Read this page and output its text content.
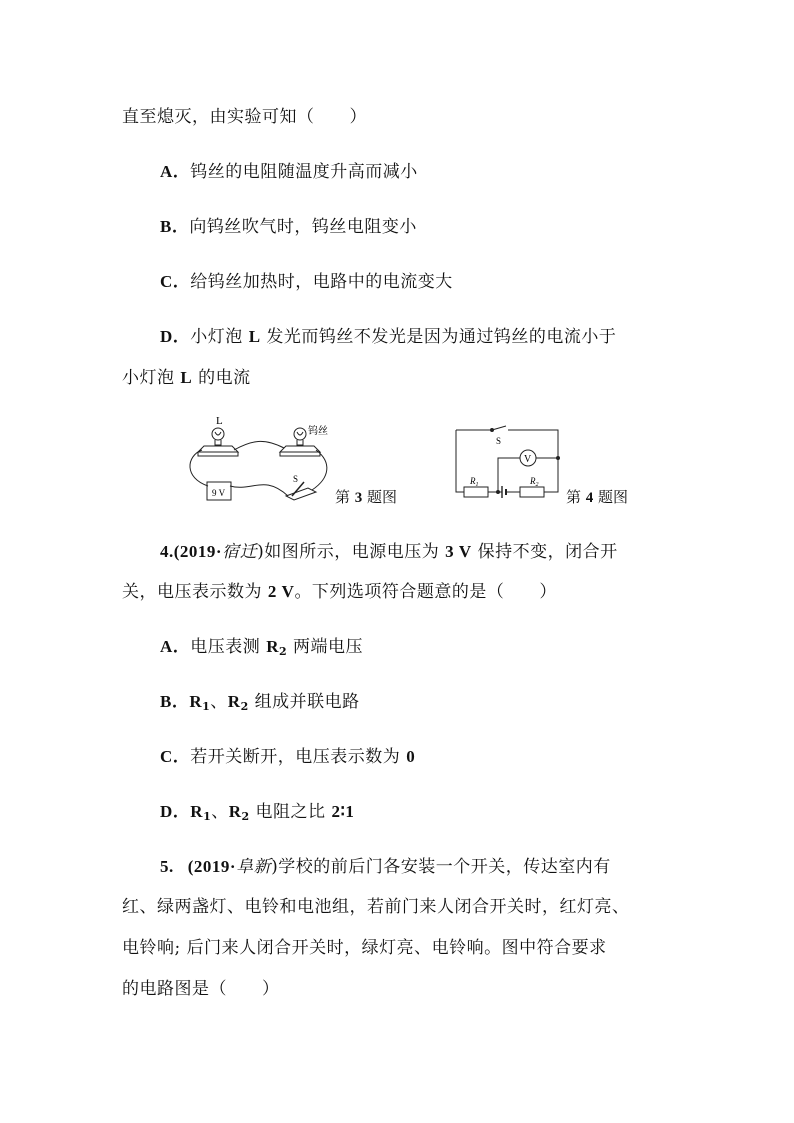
直至熄灭，由实验可知（　　）
A．钨丝的电阻随温度升高而减小
B．向钨丝吹气时，钨丝电阻变小
C．给钨丝加热时，电路中的电流变大
D．小灯泡 L 发光而钨丝不发光是因为通过钨丝的电流小于
小灯泡 L 的电流
L
钨丝
9 V
S
第 3 题图
S
V
$R_1$	$R_2$
第 4 题图
4.(2019·宿迁)如图所示，电源电压为 3 V 保持不变，闭合开
关，电压表示数为 2 V。下列选项符合题意的是（　　）
A．电压表测 $R_2$ 两端电压
B．$R_1$、$R_2$ 组成并联电路
C．若开关断开，电压表示数为 0
D．$R_1$、$R_2$ 电阻之比 2∶1
5. (2019·阜新)学校的前后门各安装一个开关，传达室内有
红、绿两盏灯、电铃和电池组，若前门来人闭合开关时，红灯亮、
电铃响; 后门来人闭合开关时，绿灯亮、电铃响。图中符合要求
的电路图是（　　）
